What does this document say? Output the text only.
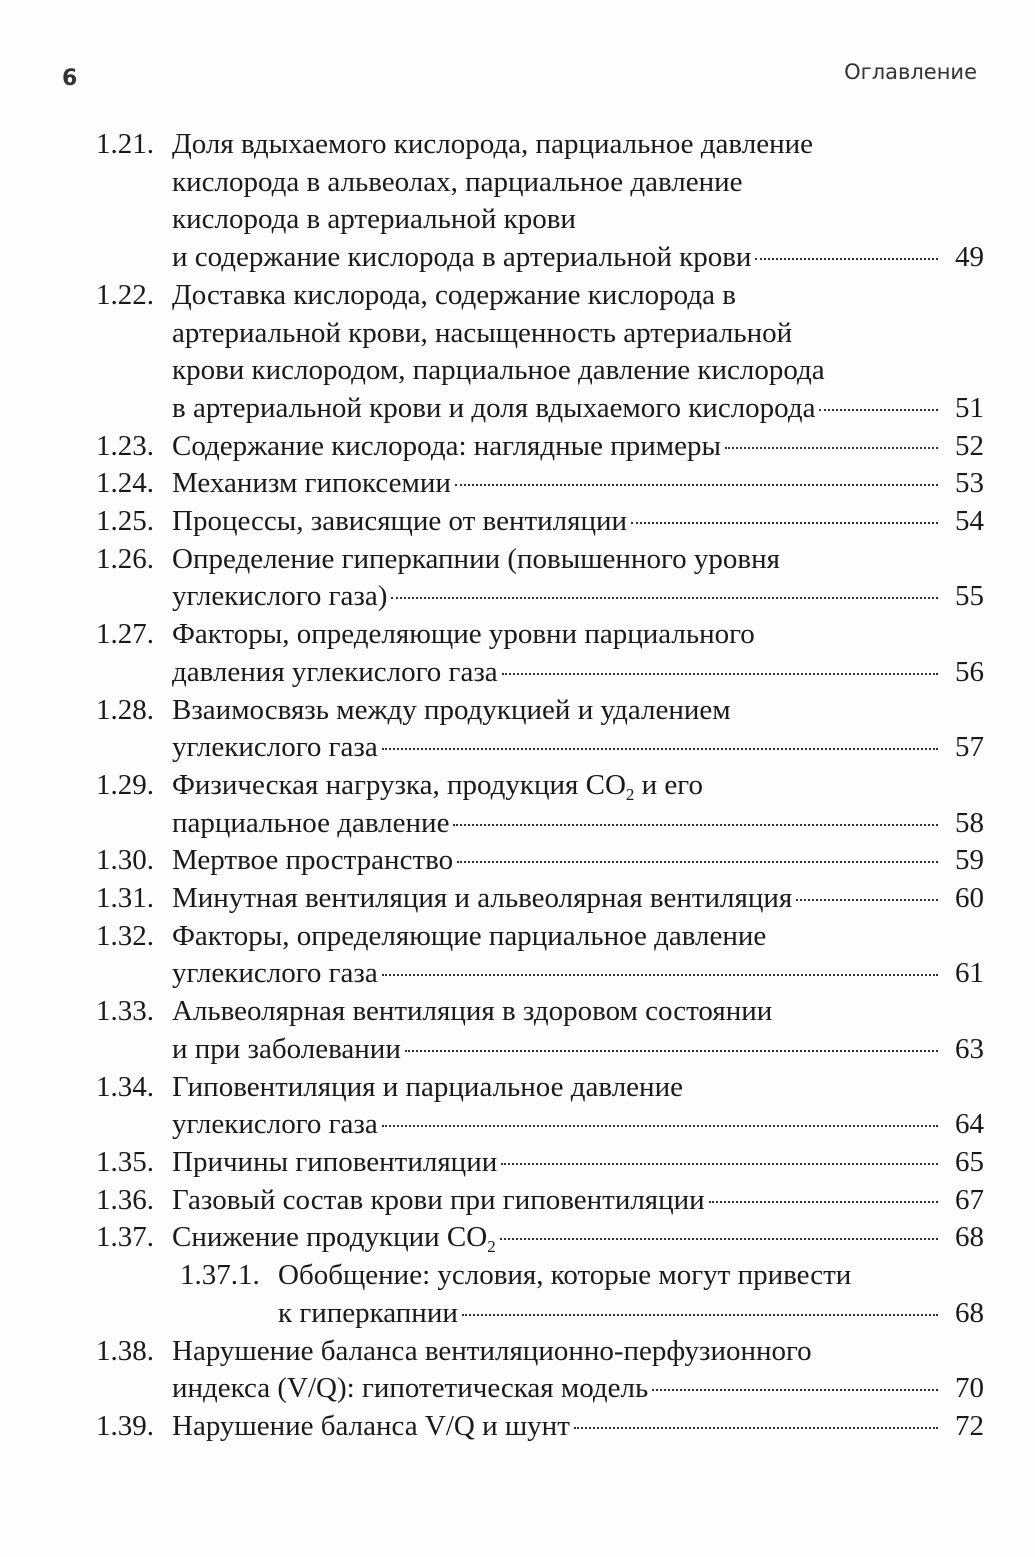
6	Оглавление
1.21. Доля вдыхаемого кислорода, парциальное давление
кислорода в альвеолах, парциальное давление
кислорода в артериальной крови
и содержание кислорода в артериальной крови	49
1.22. Доставка кислорода, содержание кислорода в
артериальной крови, насыщенность артериальной
крови кислородом, парциальное давление кислорода
в артериальной крови и доля вдыхаемого кислорода	51
1.23. Содержание кислорода: наглядные примеры	52
1.24. Механизм гипоксемии	53
1.25. Процессы, зависящие от вентиляции	54
1.26. Определение гиперкапнии (повышенного уровня
углекислого газа)	55
1.27. Факторы, определяющие уровни парциального
давления углекислого газа	56
1.28. Взаимосвязь между продукцией и удалением
углекислого газа	57
1.29. Физическая нагрузка, продукция $CO_2$ и его
парциальное давление	58
1.30. Мертвое пространство	59
1.31. Минутная вентиляция и альвеолярная вентиляция	60
1.32. Факторы, определяющие парциальное давление
углекислого газа	61
1.33. Альвеолярная вентиляция в здоровом состоянии
и при заболевании	63
1.34. Гиповентиляция и парциальное давление
углекислого газа	64
1.35. Причины гиповентиляции	65
1.36. Газовый состав крови при гиповентиляции	67
1.37. Снижение продукции $CO_2$	68
1.37.1. Обобщение: условия, которые могут привести
к гиперкапнии	68
1.38. Нарушение баланса вентиляционно-перфузионного
индекса (V/Q): гипотетическая модель	70
1.39. Нарушение баланса V/Q и шунт	72
